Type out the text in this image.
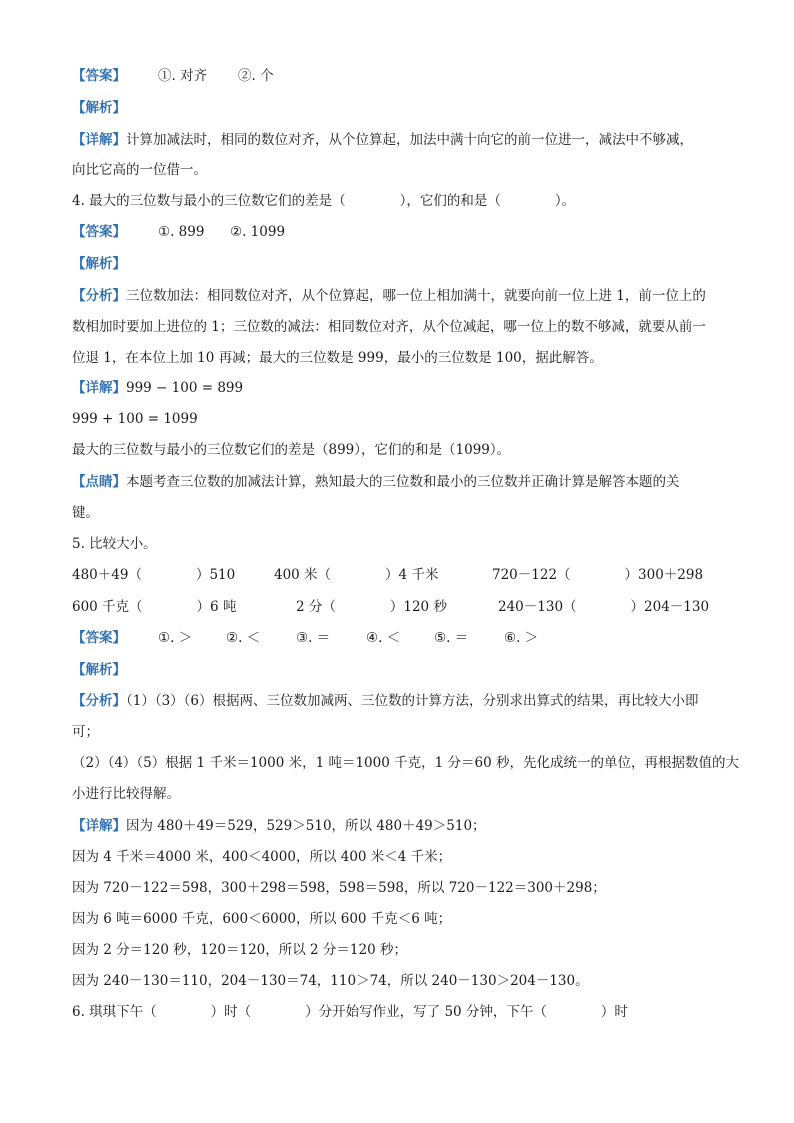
【答案】 ①. 对齐 ②. 个
【解析】
【详解】计算加减法时，相同的数位对齐，从个位算起，加法中满十向它的前一位进一，减法中不够减，
向比它高的一位借一。
4. 最大的三位数与最小的三位数它们的差是（　　　　），它们的和是（　　　　）。
【答案】 ①. 899 ②. 1099
【解析】
【分析】三位数加法：相同数位对齐，从个位算起，哪一位上相加满十，就要向前一位上进 1，前一位上的
数相加时要加上进位的 1；三位数的减法：相同数位对齐，从个位减起，哪一位上的数不够减，就要从前一
位退 1，在本位上加 10 再减；最大的三位数是 999，最小的三位数是 100，据此解答。
【详解】999 − 100 = 899
999 + 100 = 1099
最大的三位数与最小的三位数它们的差是（899），它们的和是（1099）。
【点睛】本题考查三位数的加减法计算，熟知最大的三位数和最小的三位数并正确计算是解答本题的关
键。
5. 比较大小。
480＋49（　　　　）510	400 米（　　　　）4 千米	720－122（　　　　）300＋298
600 千克（　　　　）6 吨	2 分（　　　　）120 秒	240－130（　　　　）204－130
【答案】 ①. ＞	②. ＜	③. ＝	④. ＜	⑤. ＝	⑥. ＞
【解析】
【分析】（1）（3）（6）根据两、三位数加减两、三位数的计算方法，分别求出算式的结果，再比较大小即
可；
（2）（4）（5）根据 1 千米＝1000 米，1 吨＝1000 千克，1 分＝60 秒，先化成统一的单位，再根据数值的大
小进行比较得解。
【详解】因为 480＋49＝529，529＞510，所以 480＋49＞510；
因为 4 千米＝4000 米，400＜4000，所以 400 米＜4 千米；
因为 720－122＝598，300＋298＝598，598＝598，所以 720－122＝300＋298；
因为 6 吨＝6000 千克，600＜6000，所以 600 千克＜6 吨；
因为 2 分＝120 秒，120＝120，所以 2 分＝120 秒；
因为 240－130＝110，204－130＝74，110＞74，所以 240－130＞204－130。
6. 琪琪下午（　　　　）时（　　　　）分开始写作业，写了 50 分钟，下午（　　　　）时
